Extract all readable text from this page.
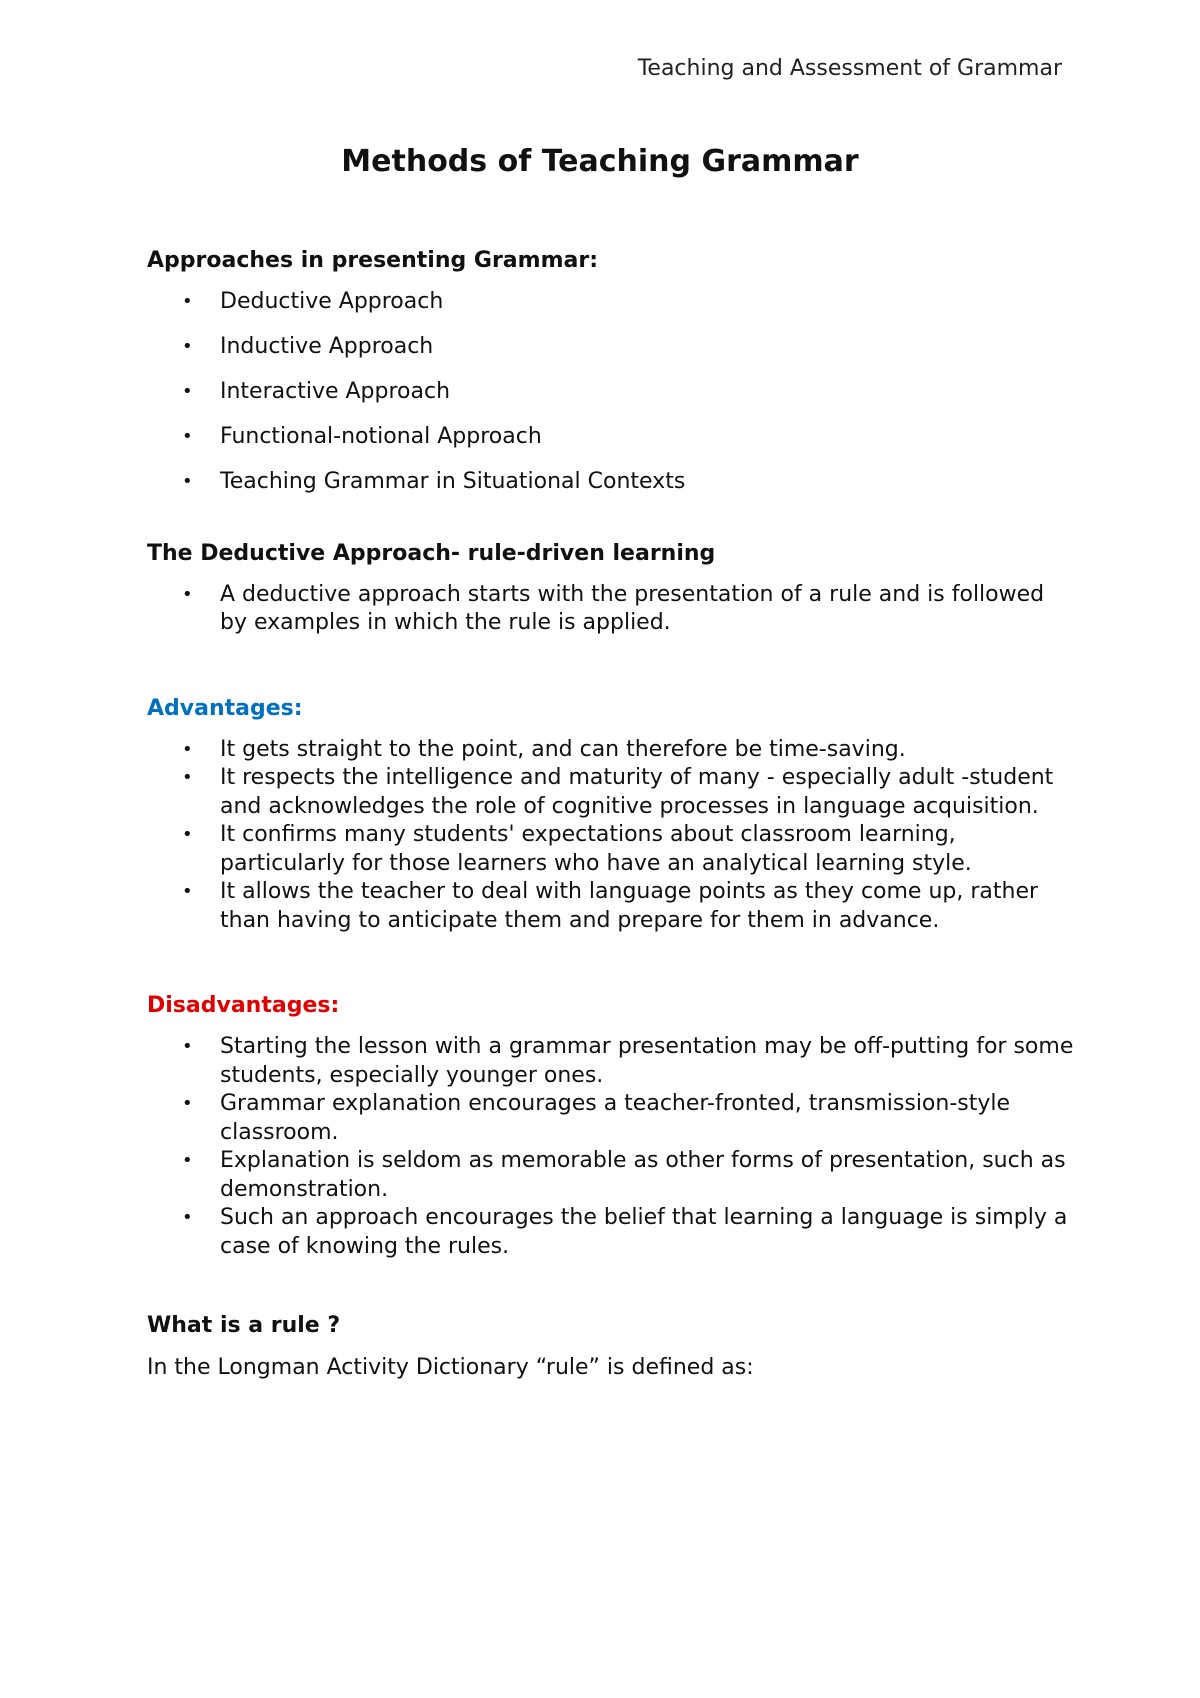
Teaching and Assessment of Grammar

Methods of Teaching Grammar
Approaches in presenting Grammar:
• Deductive Approach
• Inductive Approach
• Interactive Approach
• Functional-notional Approach
• Teaching Grammar in Situational Contexts
The Deductive Approach- rule-driven learning
• A deductive approach starts with the presentation of a rule and is followed by examples in which the rule is applied.
Advantages:
• It gets straight to the point, and can therefore be time-saving.
• It respects the intelligence and maturity of many - especially adult -student and acknowledges the role of cognitive processes in language acquisition.
• It confirms many students' expectations about classroom learning, particularly for those learners who have an analytical learning style.
• It allows the teacher to deal with language points as they come up, rather than having to anticipate them and prepare for them in advance.
Disadvantages:
• Starting the lesson with a grammar presentation may be off-putting for some students, especially younger ones.
• Grammar explanation encourages a teacher-fronted, transmission-style classroom.
• Explanation is seldom as memorable as other forms of presentation, such as demonstration.
• Such an approach encourages the belief that learning a language is simply a case of knowing the rules.
What is a rule ?

In the Longman Activity Dictionary “rule” is defined as:
